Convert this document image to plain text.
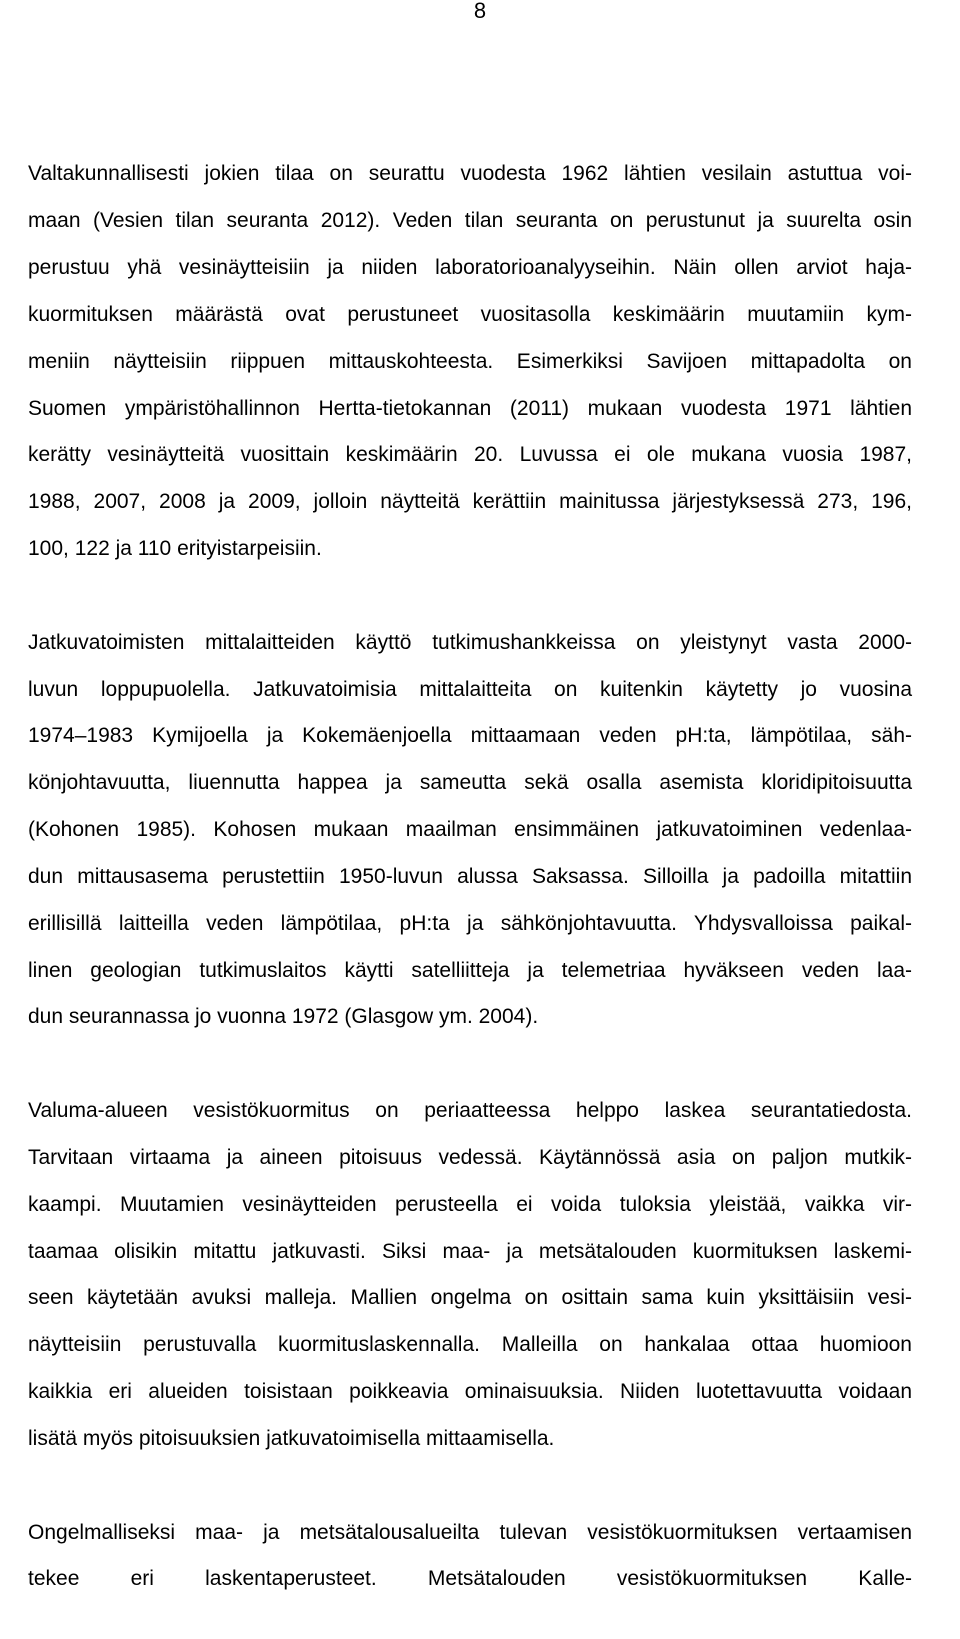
8
Valtakunnallisesti jokien tilaa on seurattu vuodesta 1962 lähtien vesilain astuttua voi-
maan (Vesien tilan seuranta 2012). Veden tilan seuranta on perustunut ja suurelta osin
perustuu yhä vesinäytteisiin ja niiden laboratorioanalyyseihin. Näin ollen arviot haja-
kuormituksen määrästä ovat perustuneet vuositasolla keskimäärin muutamiin kym-
meniin näytteisiin riippuen mittauskohteesta. Esimerkiksi Savijoen mittapadolta on
Suomen ympäristöhallinnon Hertta-tietokannan (2011) mukaan vuodesta 1971 lähtien
kerätty vesinäytteitä vuosittain keskimäärin 20. Luvussa ei ole mukana vuosia 1987,
1988, 2007, 2008 ja 2009, jolloin näytteitä kerättiin mainitussa järjestyksessä 273, 196,
100, 122 ja 110 erityistarpeisiin.
Jatkuvatoimisten mittalaitteiden käyttö tutkimushankkeissa on yleistynyt vasta 2000-
luvun loppupuolella. Jatkuvatoimisia mittalaitteita on kuitenkin käytetty jo vuosina
1974–1983 Kymijoella ja Kokemäenjoella mittaamaan veden pH:ta, lämpötilaa, säh-
könjohtavuutta, liuennutta happea ja sameutta sekä osalla asemista kloridipitoisuutta
(Kohonen 1985). Kohosen mukaan maailman ensimmäinen jatkuvatoiminen vedenlaa-
dun mittausasema perustettiin 1950-luvun alussa Saksassa. Silloilla ja padoilla mitattiin
erillisillä laitteilla veden lämpötilaa, pH:ta ja sähkönjohtavuutta. Yhdysvalloissa paikal-
linen geologian tutkimuslaitos käytti satelliitteja ja telemetriaa hyväkseen veden laa-
dun seurannassa jo vuonna 1972 (Glasgow ym. 2004).
Valuma-alueen vesistökuormitus on periaatteessa helppo laskea seurantatiedosta.
Tarvitaan virtaama ja aineen pitoisuus vedessä. Käytännössä asia on paljon mutkik-
kaampi. Muutamien vesinäytteiden perusteella ei voida tuloksia yleistää, vaikka vir-
taamaa olisikin mitattu jatkuvasti. Siksi maa- ja metsätalouden kuormituksen laskemi-
seen käytetään avuksi malleja. Mallien ongelma on osittain sama kuin yksittäisiin vesi-
näytteisiin perustuvalla kuormituslaskennalla. Malleilla on hankalaa ottaa huomioon
kaikkia eri alueiden toisistaan poikkeavia ominaisuuksia. Niiden luotettavuutta voidaan
lisätä myös pitoisuuksien jatkuvatoimisella mittaamisella.
Ongelmalliseksi maa- ja metsätalousalueilta tulevan vesistökuormituksen vertaamisen
tekee eri laskentaperusteet. Metsätalouden vesistökuormituksen Kalle-
